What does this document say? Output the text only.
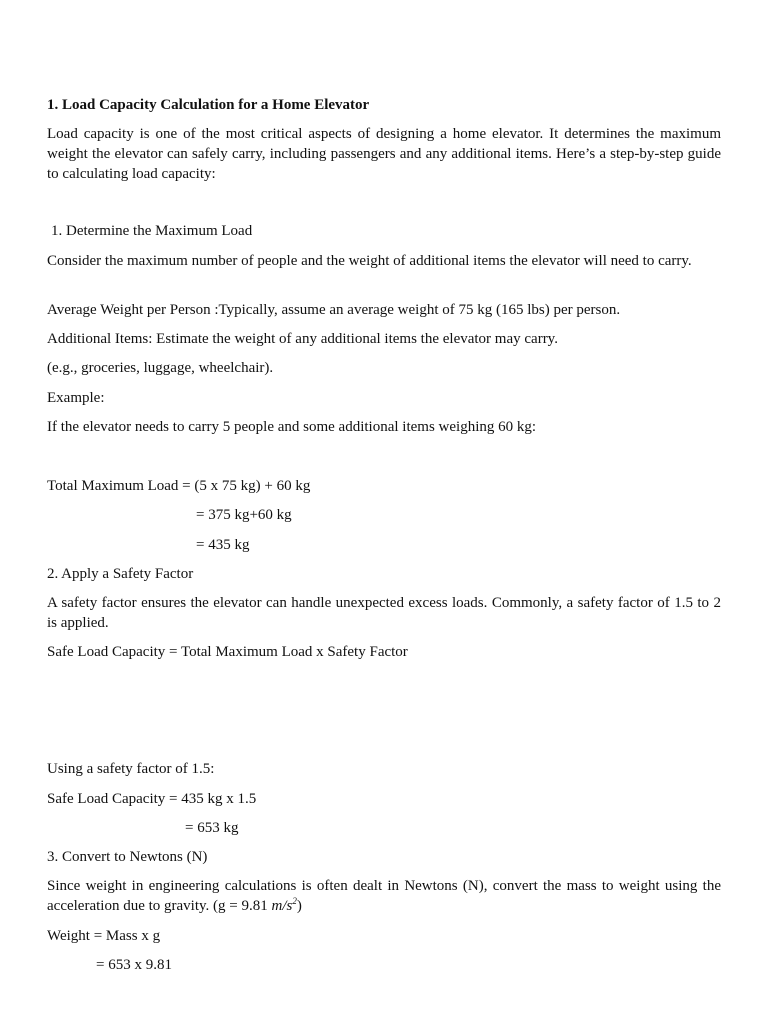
1. Load Capacity Calculation for a Home Elevator

Load capacity is one of the most critical aspects of designing a home elevator. It determines the maximum weight the elevator can safely carry, including passengers and any additional items. Here’s a step-by-step guide to calculating load capacity:

1. Determine the Maximum Load

Consider the maximum number of people and the weight of additional items the elevator will need to carry.

Average Weight per Person :Typically, assume an average weight of 75 kg (165 lbs) per person.

Additional Items: Estimate the weight of any additional items the elevator may carry.

(e.g., groceries, luggage, wheelchair).

Example:

If the elevator needs to carry 5 people and some additional items weighing 60 kg:

Total Maximum Load = (5 x 75 kg) + 60 kg

= 375 kg+60 kg

= 435 kg

2. Apply a Safety Factor

A safety factor ensures the elevator can handle unexpected excess loads. Commonly, a safety factor of 1.5 to 2 is applied.

Safe Load Capacity = Total Maximum Load x Safety Factor

Using a safety factor of 1.5:

Safe Load Capacity = 435 kg x 1.5

= 653 kg

3. Convert to Newtons (N)

Since weight in engineering calculations is often dealt in Newtons (N), convert the mass to weight using the acceleration due to gravity. (g = 9.81 $m/s^2$)

Weight = Mass x g

= 653 x 9.81
